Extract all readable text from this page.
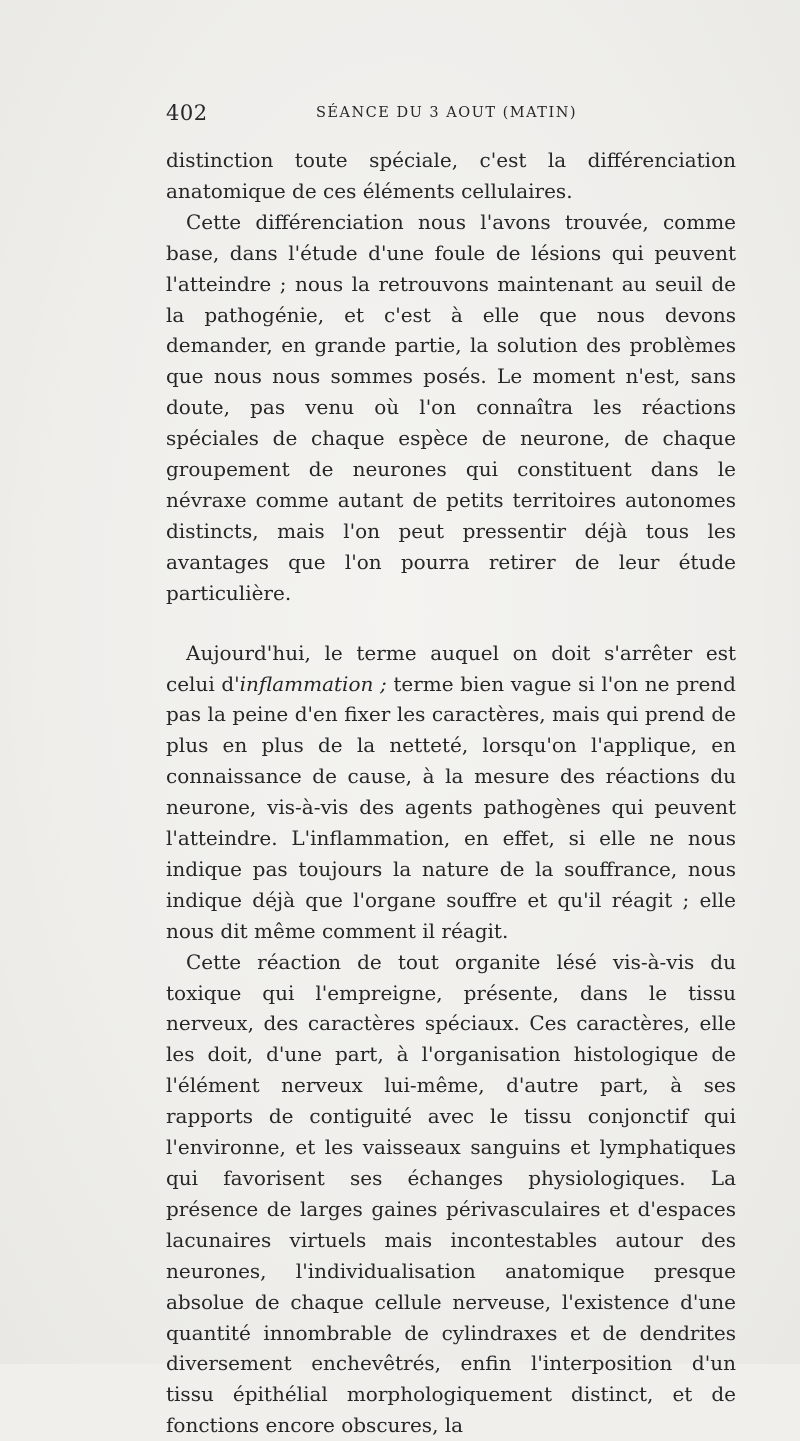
402	SÉANCE DU 3 AOUT (MATIN)

distinction toute spéciale, c'est la différenciation anatomique de ces éléments cellulaires.

Cette différenciation nous l'avons trouvée, comme base, dans l'étude d'une foule de lésions qui peuvent l'atteindre ; nous la retrouvons maintenant au seuil de la pathogénie, et c'est à elle que nous devons demander, en grande partie, la solution des problèmes que nous nous sommes posés. Le moment n'est, sans doute, pas venu où l'on connaîtra les réactions spéciales de chaque espèce de neurone, de chaque groupement de neurones qui constituent dans le névraxe comme autant de petits territoires autonomes distincts, mais l'on peut pressentir déjà tous les avantages que l'on pourra retirer de leur étude particulière.

Aujourd'hui, le terme auquel on doit s'arrêter est celui d'inflammation ; terme bien vague si l'on ne prend pas la peine d'en fixer les caractères, mais qui prend de plus en plus de la netteté, lorsqu'on l'applique, en connaissance de cause, à la mesure des réactions du neurone, vis-à-vis des agents pathogènes qui peuvent l'atteindre. L'inflammation, en effet, si elle ne nous indique pas toujours la nature de la souffrance, nous indique déjà que l'organe souffre et qu'il réagit ; elle nous dit même comment il réagit.

Cette réaction de tout organite lésé vis-à-vis du toxique qui l'empreigne, présente, dans le tissu nerveux, des caractères spéciaux. Ces caractères, elle les doit, d'une part, à l'organisation histologique de l'élément nerveux lui-même, d'autre part, à ses rapports de contiguité avec le tissu conjonctif qui l'environne, et les vaisseaux sanguins et lymphatiques qui favorisent ses échanges physiologiques. La présence de larges gaines périvasculaires et d'espaces lacunaires virtuels mais incontestables autour des neurones, l'individualisation anatomique presque absolue de chaque cellule nerveuse, l'existence d'une quantité innombrable de cylindraxes et de dendrites diversement enchevêtrés, enfin l'interposition d'un tissu épithélial morphologiquement distinct, et de fonctions encore obscures, la
